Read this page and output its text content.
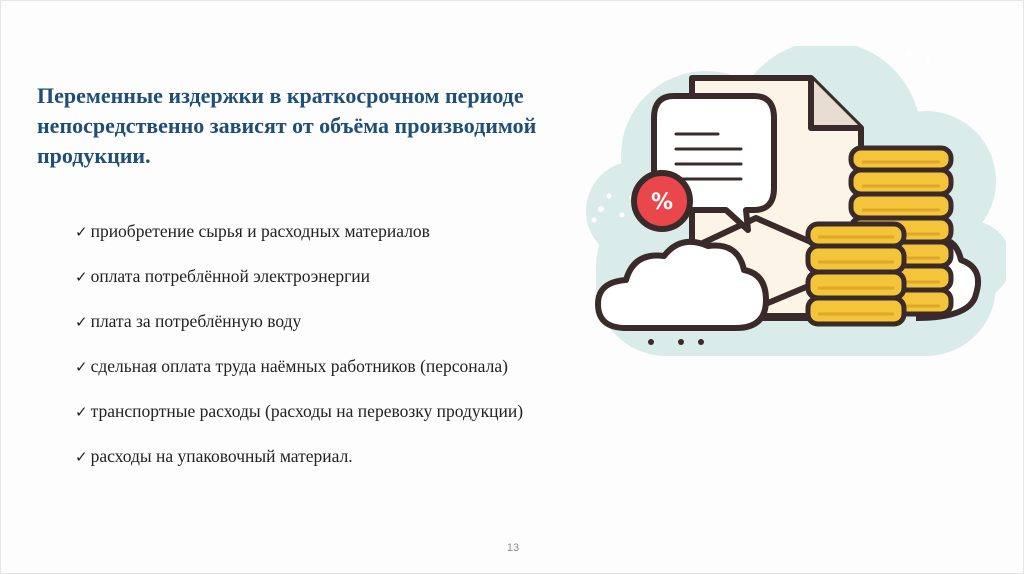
Переменные издержки в краткосрочном периоде непосредственно зависят от объёма производимой продукции.
✓ приобретение сырья и расходных материалов
✓ оплата потреблённой электроэнергии
✓ плата за потреблённую воду
✓ сдельная оплата труда наёмных работников (персонала)
✓ транспортные расходы (расходы на перевозку продукции)
✓ расходы на упаковочный материал.
%
13
